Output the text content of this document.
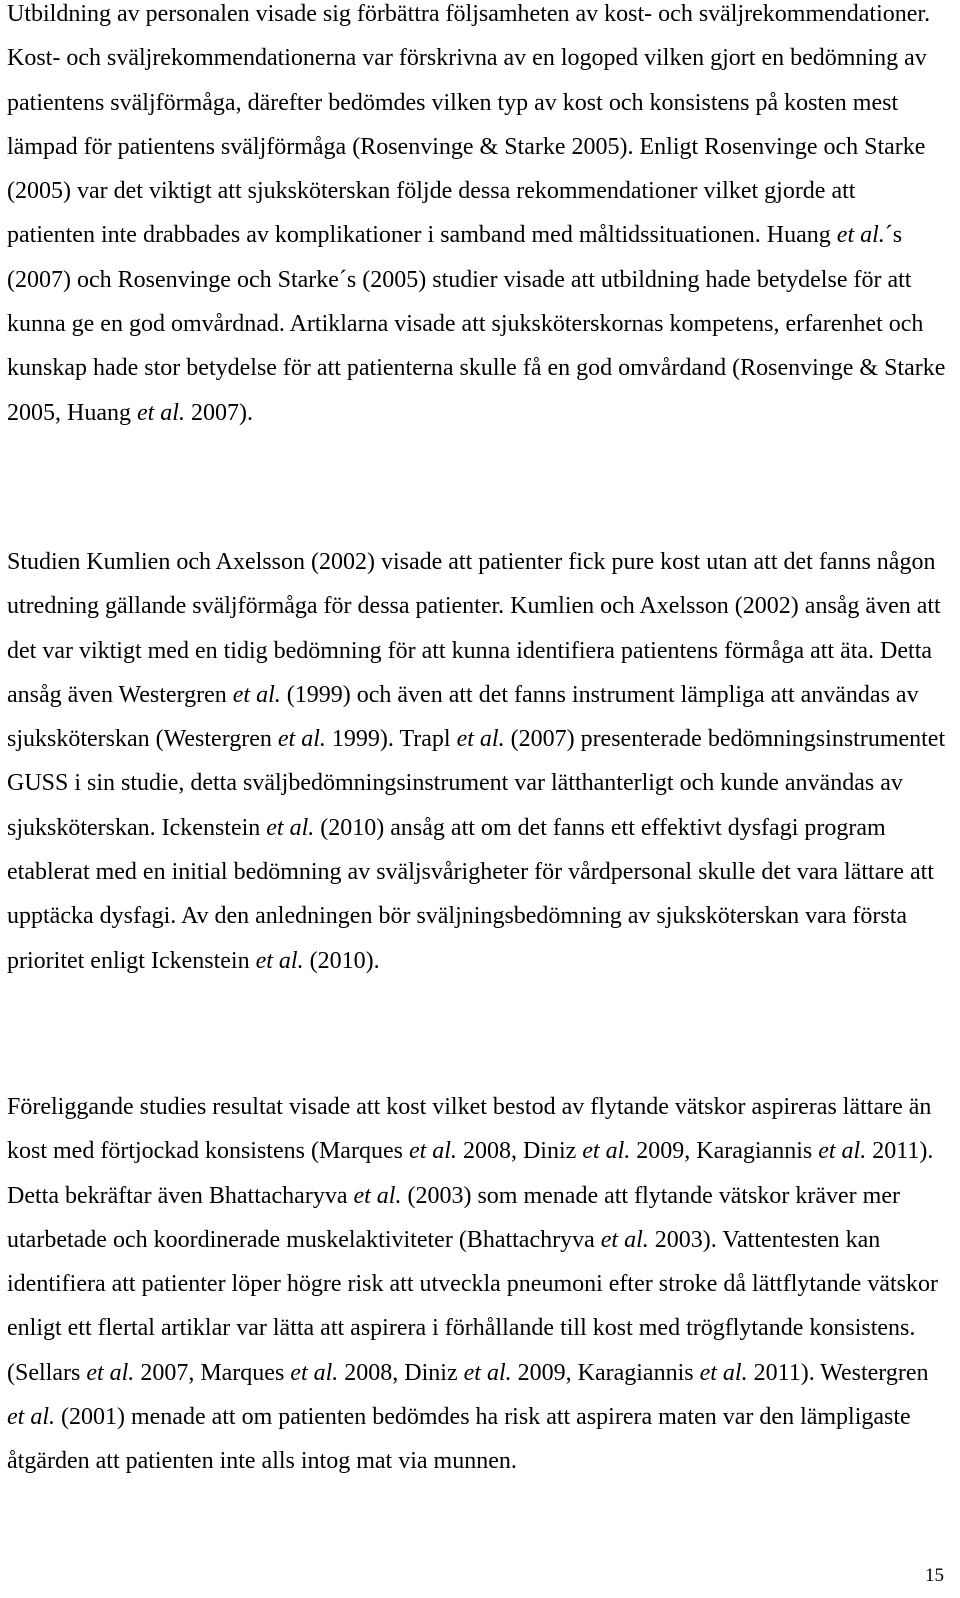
Utbildning av personalen visade sig förbättra följsamheten av kost- och sväljrekommendationer. Kost- och sväljrekommendationerna var förskrivna av en logoped vilken gjort en bedömning av patientens sväljförmåga, därefter bedömdes vilken typ av kost och konsistens på kosten mest lämpad för patientens sväljförmåga (Rosenvinge & Starke 2005). Enligt Rosenvinge och Starke (2005) var det viktigt att sjuksköterskan följde dessa rekommendationer vilket gjorde att patienten inte drabbades av komplikationer i samband med måltidssituationen. Huang et al.´s (2007) och Rosenvinge och Starke´s (2005) studier visade att utbildning hade betydelse för att kunna ge en god omvårdnad. Artiklarna visade att sjuksköterskornas kompetens, erfarenhet och kunskap hade stor betydelse för att patienterna skulle få en god omvårdand (Rosenvinge & Starke 2005, Huang et al. 2007).

Studien Kumlien och Axelsson (2002) visade att patienter fick pure kost utan att det fanns någon utredning gällande sväljförmåga för dessa patienter. Kumlien och Axelsson (2002) ansåg även att det var viktigt med en tidig bedömning för att kunna identifiera patientens förmåga att äta. Detta ansåg även Westergren et al. (1999) och även att det fanns instrument lämpliga att användas av sjuksköterskan (Westergren et al. 1999). Trapl et al. (2007) presenterade bedömningsinstrumentet GUSS i sin studie, detta sväljbedömningsinstrument var lätthanterligt och kunde användas av sjuksköterskan. Ickenstein et al. (2010) ansåg att om det fanns ett effektivt dysfagi program etablerat med en initial bedömning av sväljsvårigheter för vårdpersonal skulle det vara lättare att upptäcka dysfagi. Av den anledningen bör sväljningsbedömning av sjuksköterskan vara första prioritet enligt Ickenstein et al. (2010).

Föreliggande studies resultat visade att kost vilket bestod av flytande vätskor aspireras lättare än kost med förtjockad konsistens (Marques et al. 2008, Diniz et al. 2009, Karagiannis et al. 2011). Detta bekräftar även Bhattacharyva et al. (2003) som menade att flytande vätskor kräver mer utarbetade och koordinerade muskelaktiviteter (Bhattachryva et al. 2003). Vattentesten kan identifiera att patienter löper högre risk att utveckla pneumoni efter stroke då lättflytande vätskor enligt ett flertal artiklar var lätta att aspirera i förhållande till kost med trögflytande konsistens. (Sellars et al. 2007, Marques et al. 2008, Diniz et al. 2009, Karagiannis et al. 2011). Westergren et al. (2001) menade att om patienten bedömdes ha risk att aspirera maten var den lämpligaste åtgärden att patienten inte alls intog mat via munnen.

15
